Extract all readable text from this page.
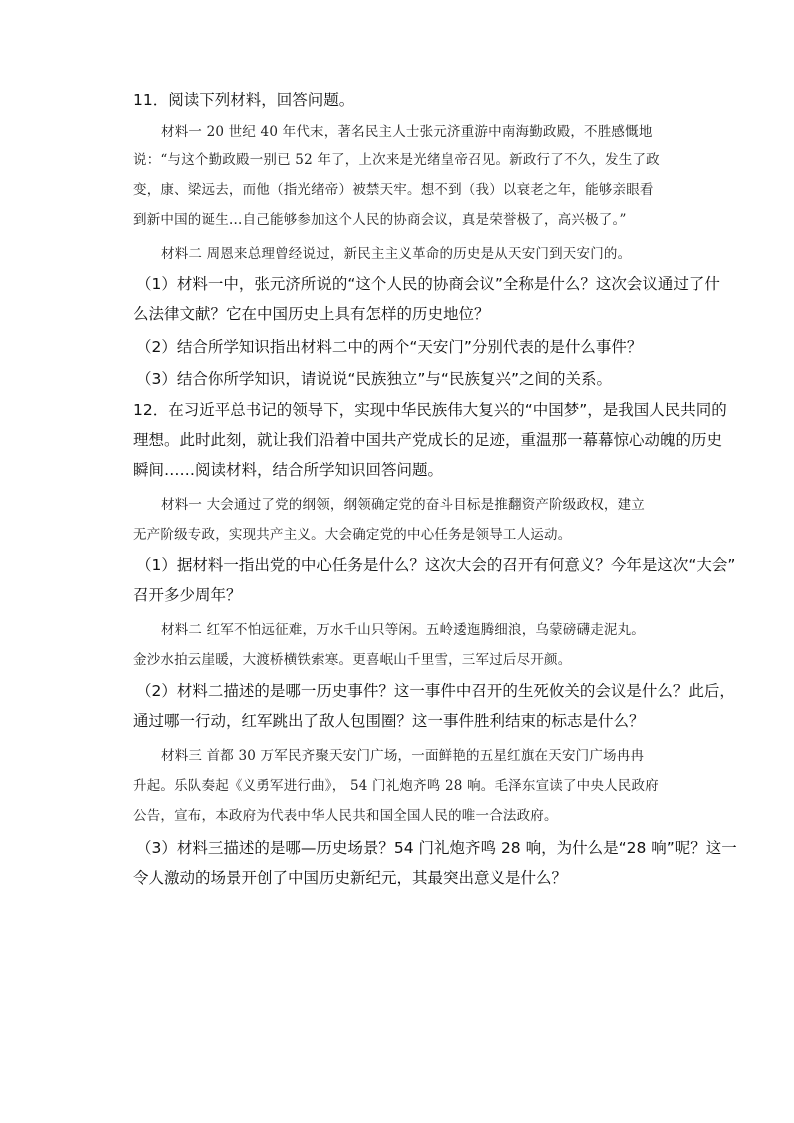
11．阅读下列材料，回答问题。
材料一 20 世纪 40 年代末，著名民主人士张元济重游中南海勤政殿，不胜感慨地
说：“与这个勤政殿一别已 52 年了，上次来是光绪皇帝召见。新政行了不久，发生了政
变，康、梁远去，而他（指光绪帝）被禁天牢。想不到（我）以衰老之年，能够亲眼看
到新中国的诞生…自己能够参加这个人民的协商会议，真是荣誉极了，高兴极了。”
材料二 周恩来总理曾经说过，新民主主义革命的历史是从天安门到天安门的。
（1）材料一中，张元济所说的“这个人民的协商会议”全称是什么？这次会议通过了什
么法律文献？它在中国历史上具有怎样的历史地位？
（2）结合所学知识指出材料二中的两个“天安门”分别代表的是什么事件？
（3）结合你所学知识，请说说“民族独立”与“民族复兴”之间的关系。
12．在习近平总书记的领导下，实现中华民族伟大复兴的“中国梦”，是我国人民共同的
理想。此时此刻，就让我们沿着中国共产党成长的足迹，重温那一幕幕惊心动魄的历史
瞬间……阅读材料，结合所学知识回答问题。
材料一 大会通过了党的纲领，纲领确定党的奋斗目标是推翻资产阶级政权，建立
无产阶级专政，实现共产主义。大会确定党的中心任务是领导工人运动。
（1）据材料一指出党的中心任务是什么？这次大会的召开有何意义？今年是这次“大会”
召开多少周年？
材料二 红军不怕远征难，万水千山只等闲。五岭逶迤腾细浪，乌蒙磅礴走泥丸。
金沙水拍云崖暖，大渡桥横铁索寒。更喜岷山千里雪，三军过后尽开颜。
（2）材料二描述的是哪一历史事件？这一事件中召开的生死攸关的会议是什么？此后，
通过哪一行动，红军跳出了敌人包围圈？这一事件胜利结束的标志是什么？
材料三 首都 30 万军民齐聚天安门广场，一面鲜艳的五星红旗在天安门广场冉冉
升起。乐队奏起《义勇军进行曲》， 54 门礼炮齐鸣 28 响。毛泽东宣读了中央人民政府
公告，宣布，本政府为代表中华人民共和国全国人民的唯一合法政府。
（3）材料三描述的是哪—历史场景？54 门礼炮齐鸣 28 响，为什么是“28 响”呢？这一
令人激动的场景开创了中国历史新纪元，其最突出意义是什么？
